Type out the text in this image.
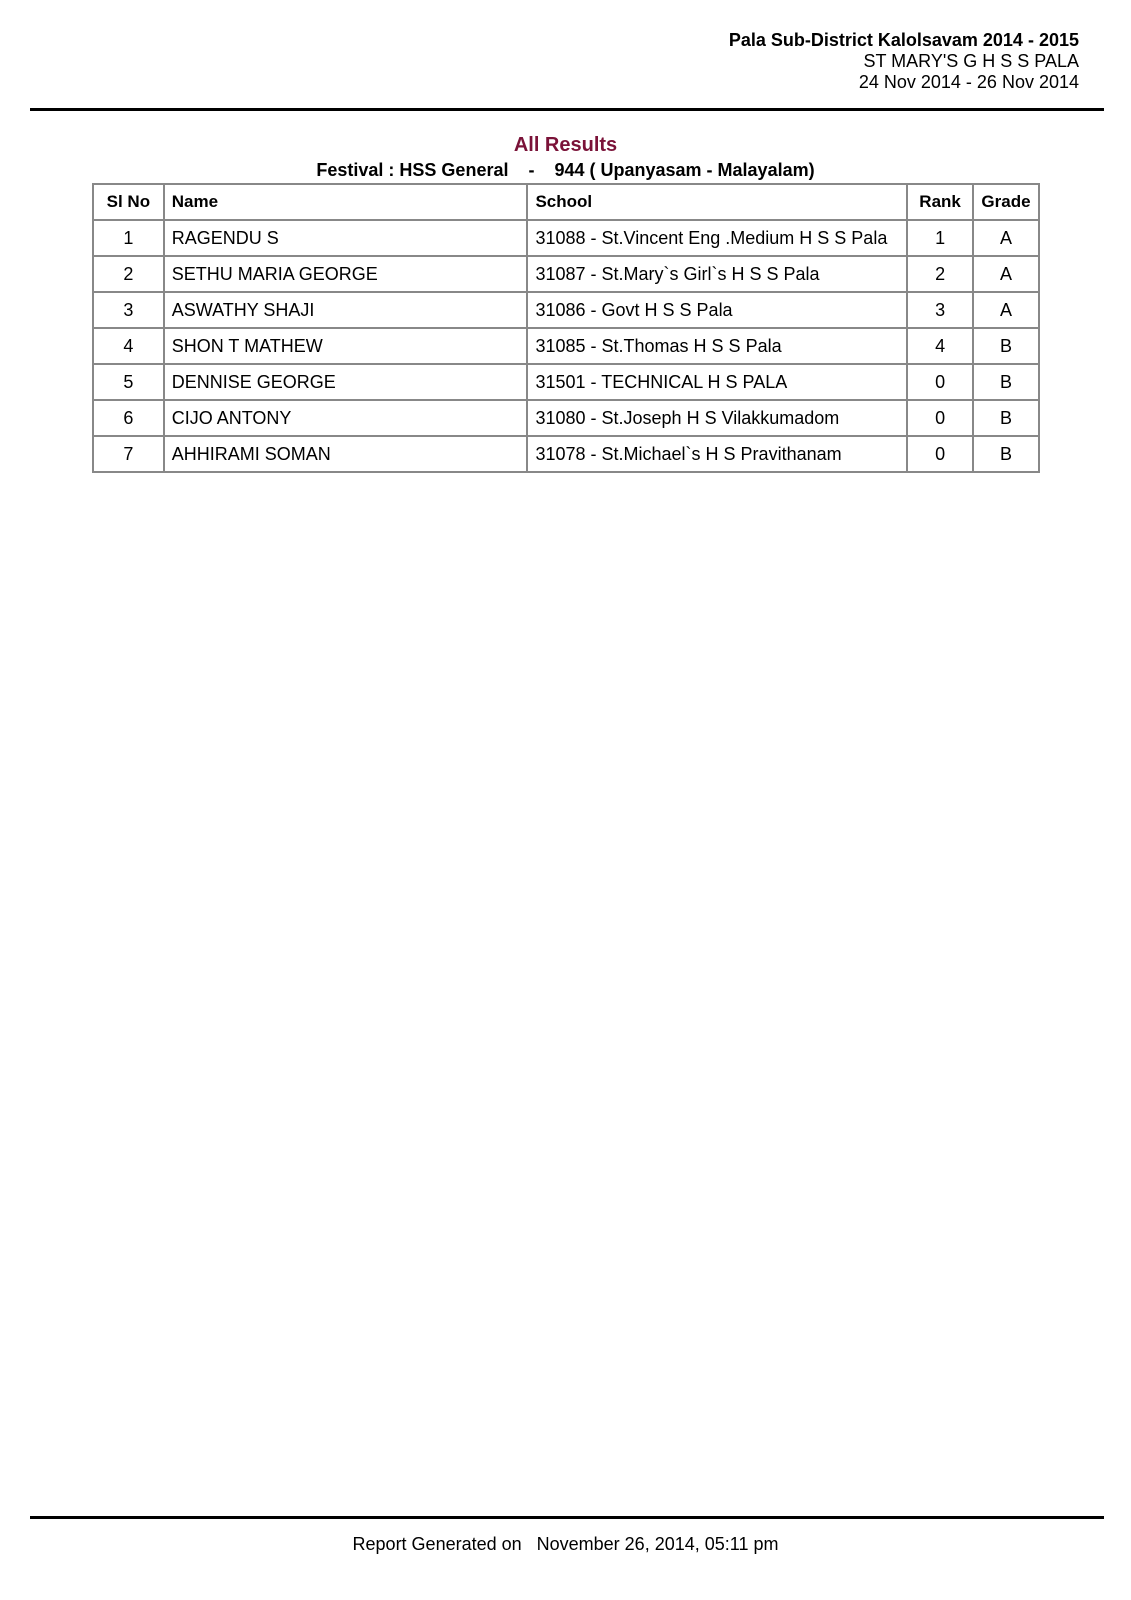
Pala Sub-District Kalolsavam 2014 - 2015
ST MARY'S G H S S PALA
24 Nov 2014 - 26 Nov 2014
All Results
Festival : HSS General    -    944 ( Upanyasam - Malayalam)
Sl No	Name	School	Rank	Grade
1	RAGENDU S	31088 - St.Vincent Eng .Medium H S S Pala	1	A
2	SETHU MARIA GEORGE	31087 - St.Mary`s Girl`s H S S Pala	2	A
3	ASWATHY SHAJI	31086 - Govt H S S Pala	3	A
4	SHON T MATHEW	31085 - St.Thomas H S S Pala	4	B
5	DENNISE GEORGE	31501 - TECHNICAL H S PALA	0	B
6	CIJO ANTONY	31080 - St.Joseph H S Vilakkumadom	0	B
7	AHHIRAMI SOMAN	31078 - St.Michael`s H S Pravithanam	0	B
Report Generated on   November 26, 2014, 05:11 pm
